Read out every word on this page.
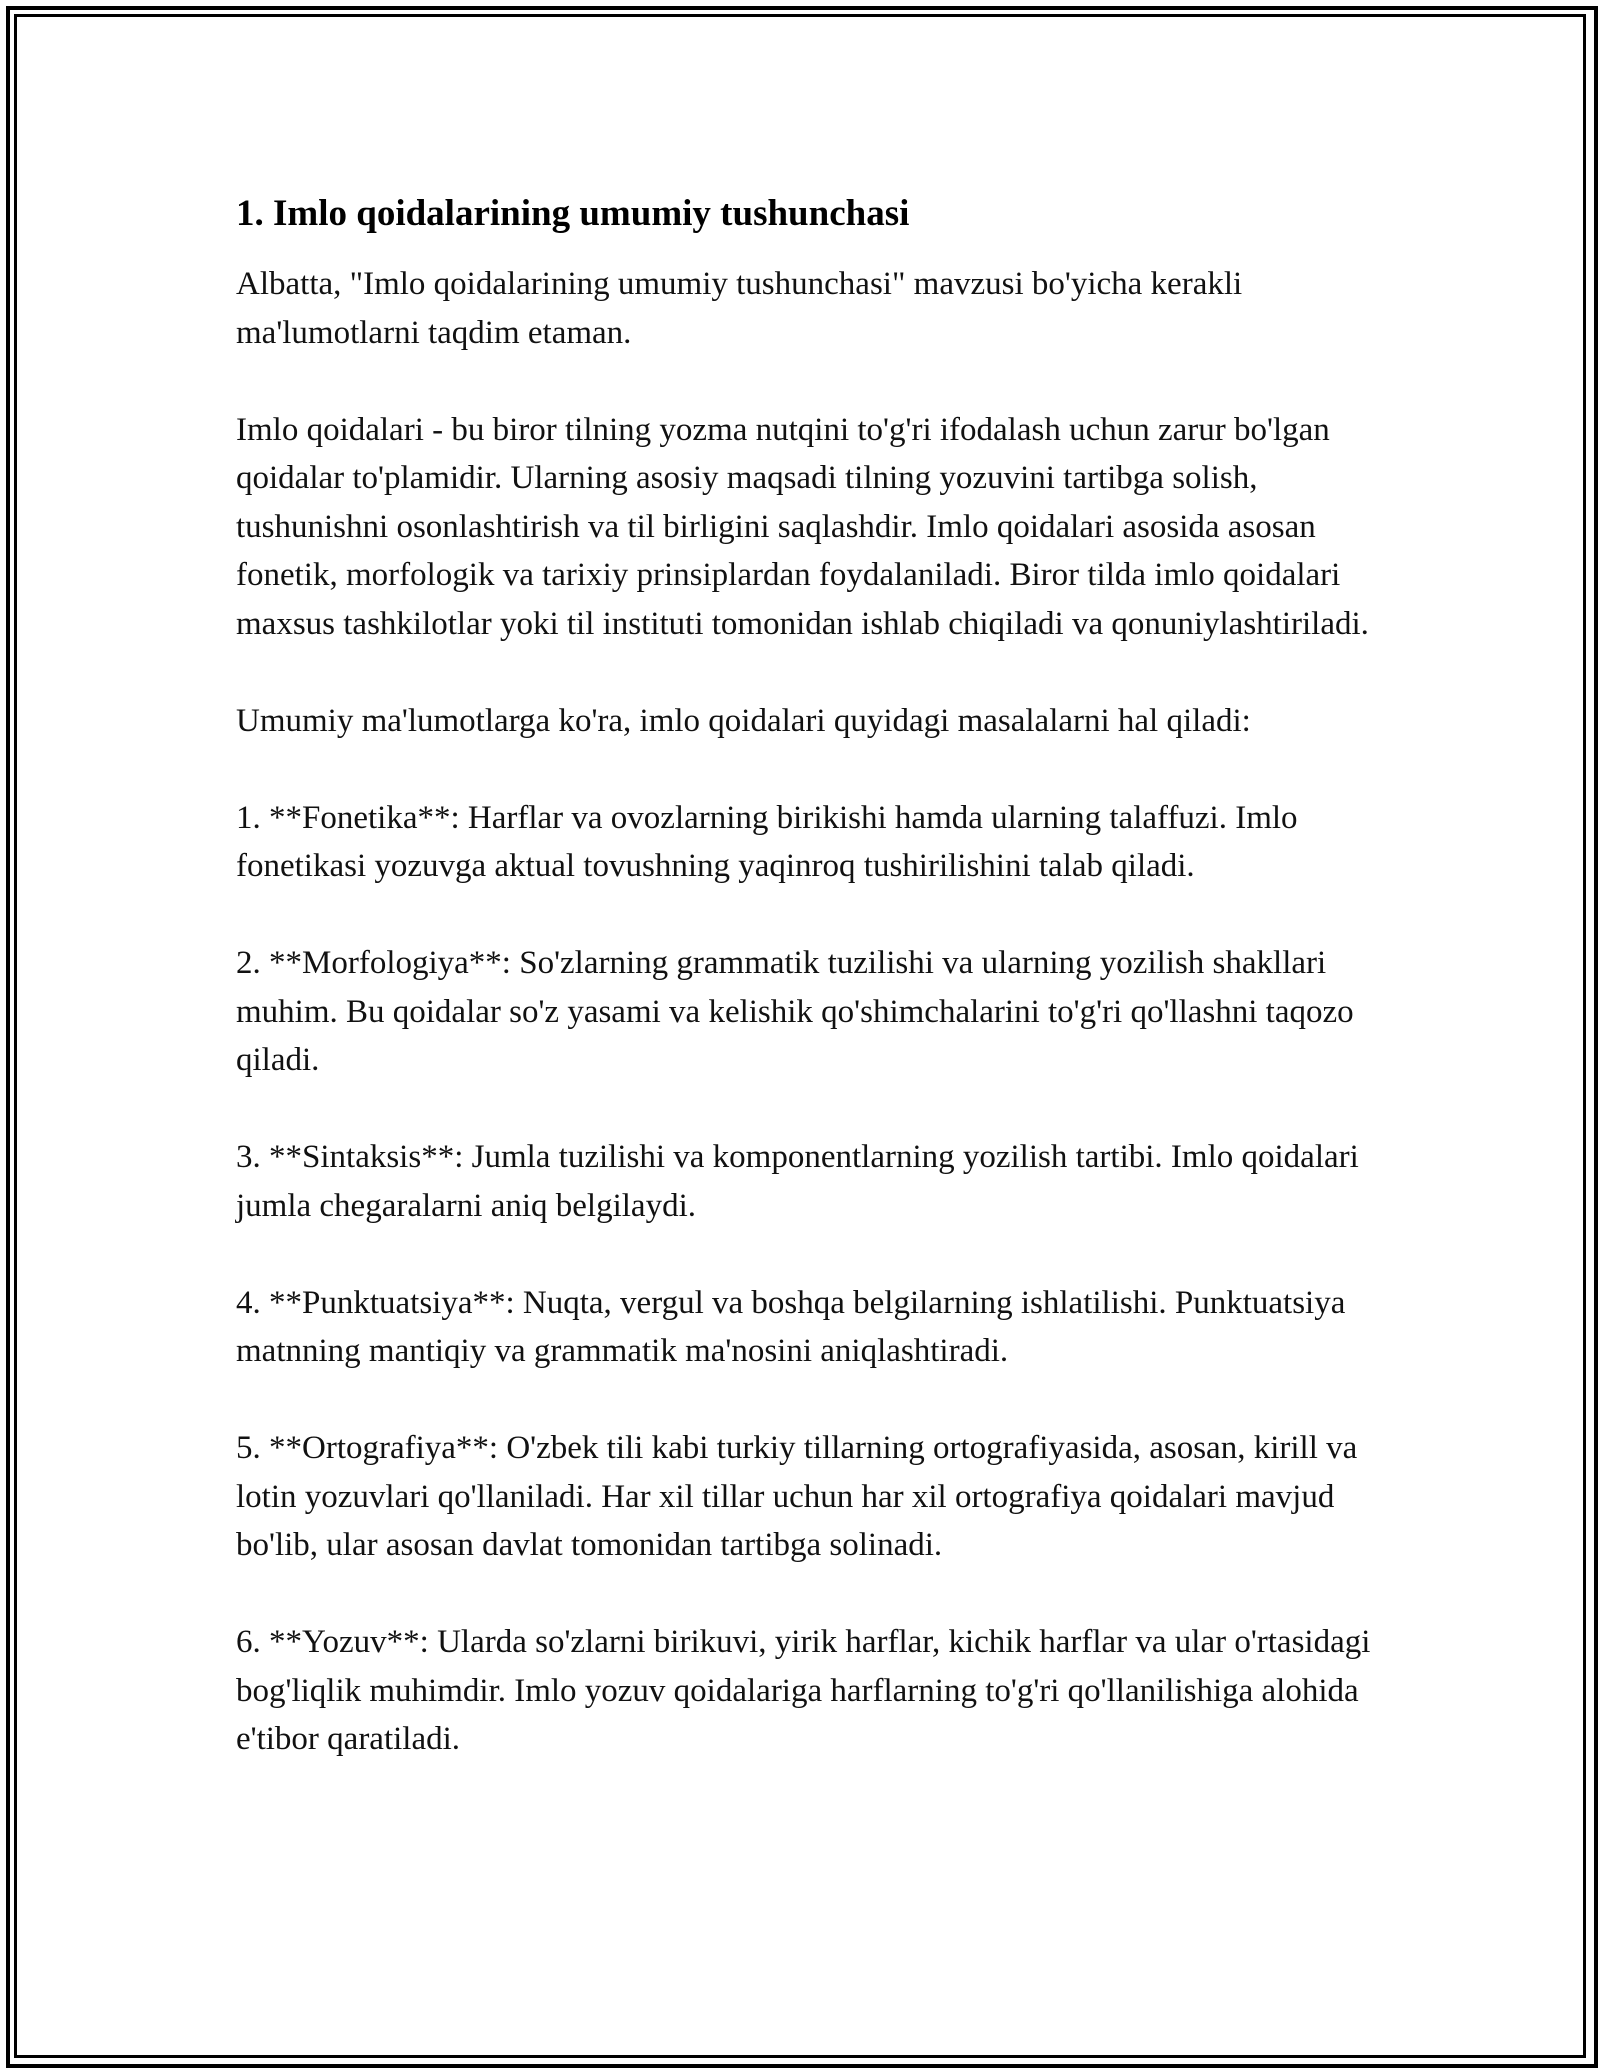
1. Imlo qoidalarining umumiy tushunchasi

Albatta, "Imlo qoidalarining umumiy tushunchasi" mavzusi bo'yicha kerakli ma'lumotlarni taqdim etaman.

Imlo qoidalari - bu biror tilning yozma nutqini to'g'ri ifodalash uchun zarur bo'lgan qoidalar to'plamidir. Ularning asosiy maqsadi tilning yozuvini tartibga solish, tushunishni osonlashtirish va til birligini saqlashdir. Imlo qoidalari asosida asosan fonetik, morfologik va tarixiy prinsiplardan foydalaniladi. Biror tilda imlo qoidalari maxsus tashkilotlar yoki til instituti tomonidan ishlab chiqiladi va qonuniylashtiriladi.

Umumiy ma'lumotlarga ko'ra, imlo qoidalari quyidagi masalalarni hal qiladi:

1. **Fonetika**: Harflar va ovozlarning birikishi hamda ularning talaffuzi. Imlo fonetikasi yozuvga aktual tovushning yaqinroq tushirilishini talab qiladi.

2. **Morfologiya**: So'zlarning grammatik tuzilishi va ularning yozilish shakllari muhim. Bu qoidalar so'z yasami va kelishik qo'shimchalarini to'g'ri qo'llashni taqozo qiladi.

3. **Sintaksis**: Jumla tuzilishi va komponentlarning yozilish tartibi. Imlo qoidalari jumla chegaralarni aniq belgilaydi.

4. **Punktuatsiya**: Nuqta, vergul va boshqa belgilarning ishlatilishi. Punktuatsiya matnning mantiqiy va grammatik ma'nosini aniqlashtiradi.

5. **Ortografiya**: O'zbek tili kabi turkiy tillarning ortografiyasida, asosan, kirill va lotin yozuvlari qo'llaniladi. Har xil tillar uchun har xil ortografiya qoidalari mavjud bo'lib, ular asosan davlat tomonidan tartibga solinadi.

6. **Yozuv**: Ularda so'zlarni birikuvi, yirik harflar, kichik harflar va ular o'rtasidagi bog'liqlik muhimdir. Imlo yozuv qoidalariga harflarning to'g'ri qo'llanilishiga alohida e'tibor qaratiladi.
